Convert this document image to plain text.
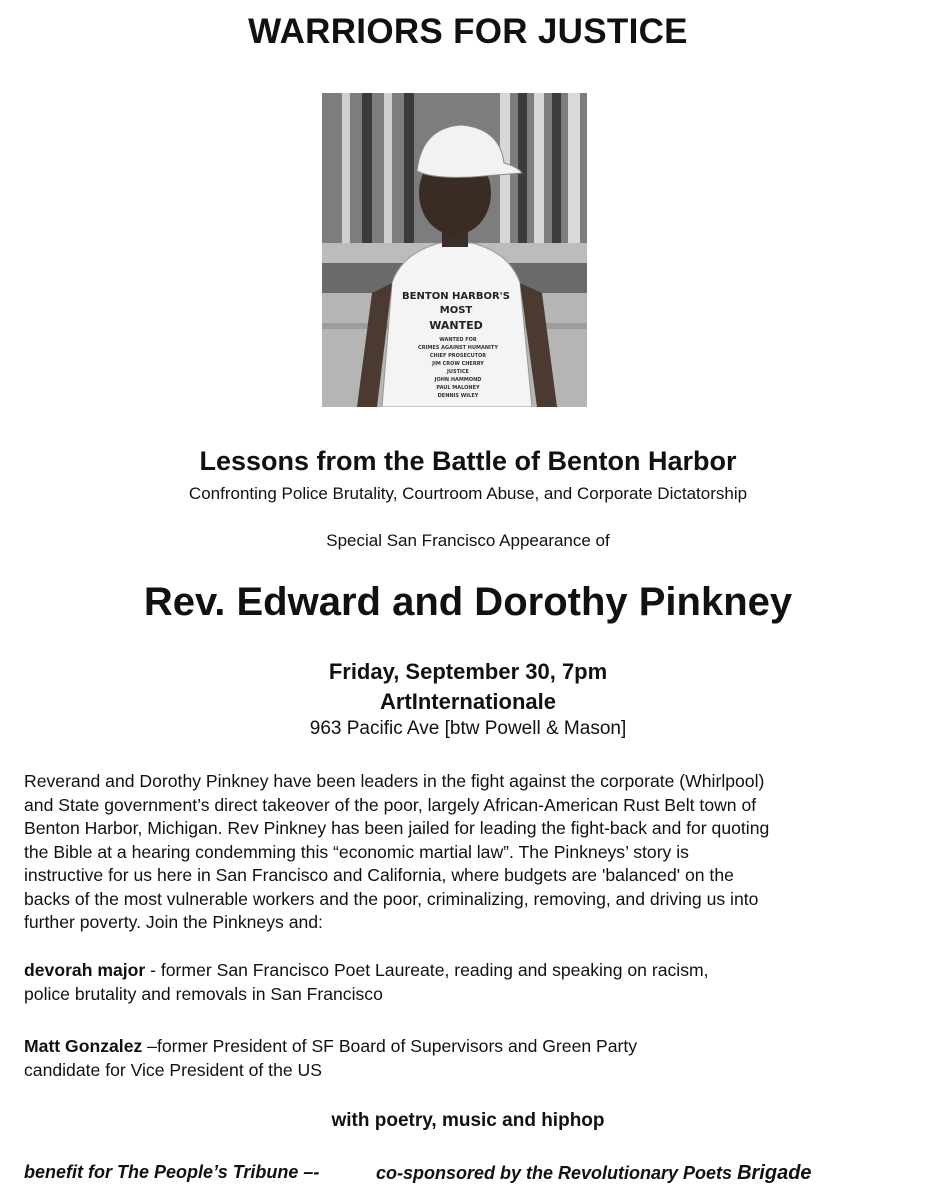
WARRIORS FOR JUSTICE
BENTON HARBOR'S
MOST
WANTED
WANTED FOR
CRIMES AGAINST HUMANITY
CHIEF PROSECUTOR
JIM CROW CHERRY
JUSTICE
JOHN HAMMOND
PAUL MALONEY
DENNIS WILEY
Lessons from the Battle of Benton Harbor
Confronting Police Brutality, Courtroom Abuse, and Corporate Dictatorship
Special San Francisco Appearance of
Rev. Edward and Dorothy Pinkney
Friday, September 30, 7pm
ArtInternationale
963 Pacific Ave [btw Powell & Mason]
Reverand and Dorothy Pinkney have been leaders in the fight against the corporate (Whirlpool)
and State government’s direct takeover of the poor, largely African-American Rust Belt town of
Benton Harbor, Michigan. Rev Pinkney has been jailed for leading the fight-back and for quoting
the Bible at a hearing condemming this “economic martial law”. The Pinkneys’ story is
instructive for us here in San Francisco and California, where budgets are 'balanced' on the
backs of the most vulnerable workers and the poor, criminalizing, removing, and driving us into
further poverty. Join the Pinkneys and:
devorah major - former San Francisco Poet Laureate, reading and speaking on racism,
police brutality and removals in San Francisco
Matt Gonzalez –former President of SF Board of Supervisors and Green Party
candidate for Vice President of the US
with poetry, music and hiphop
benefit for The People’s Tribune –-	co-sponsored by the Revolutionary Poets Brigade
